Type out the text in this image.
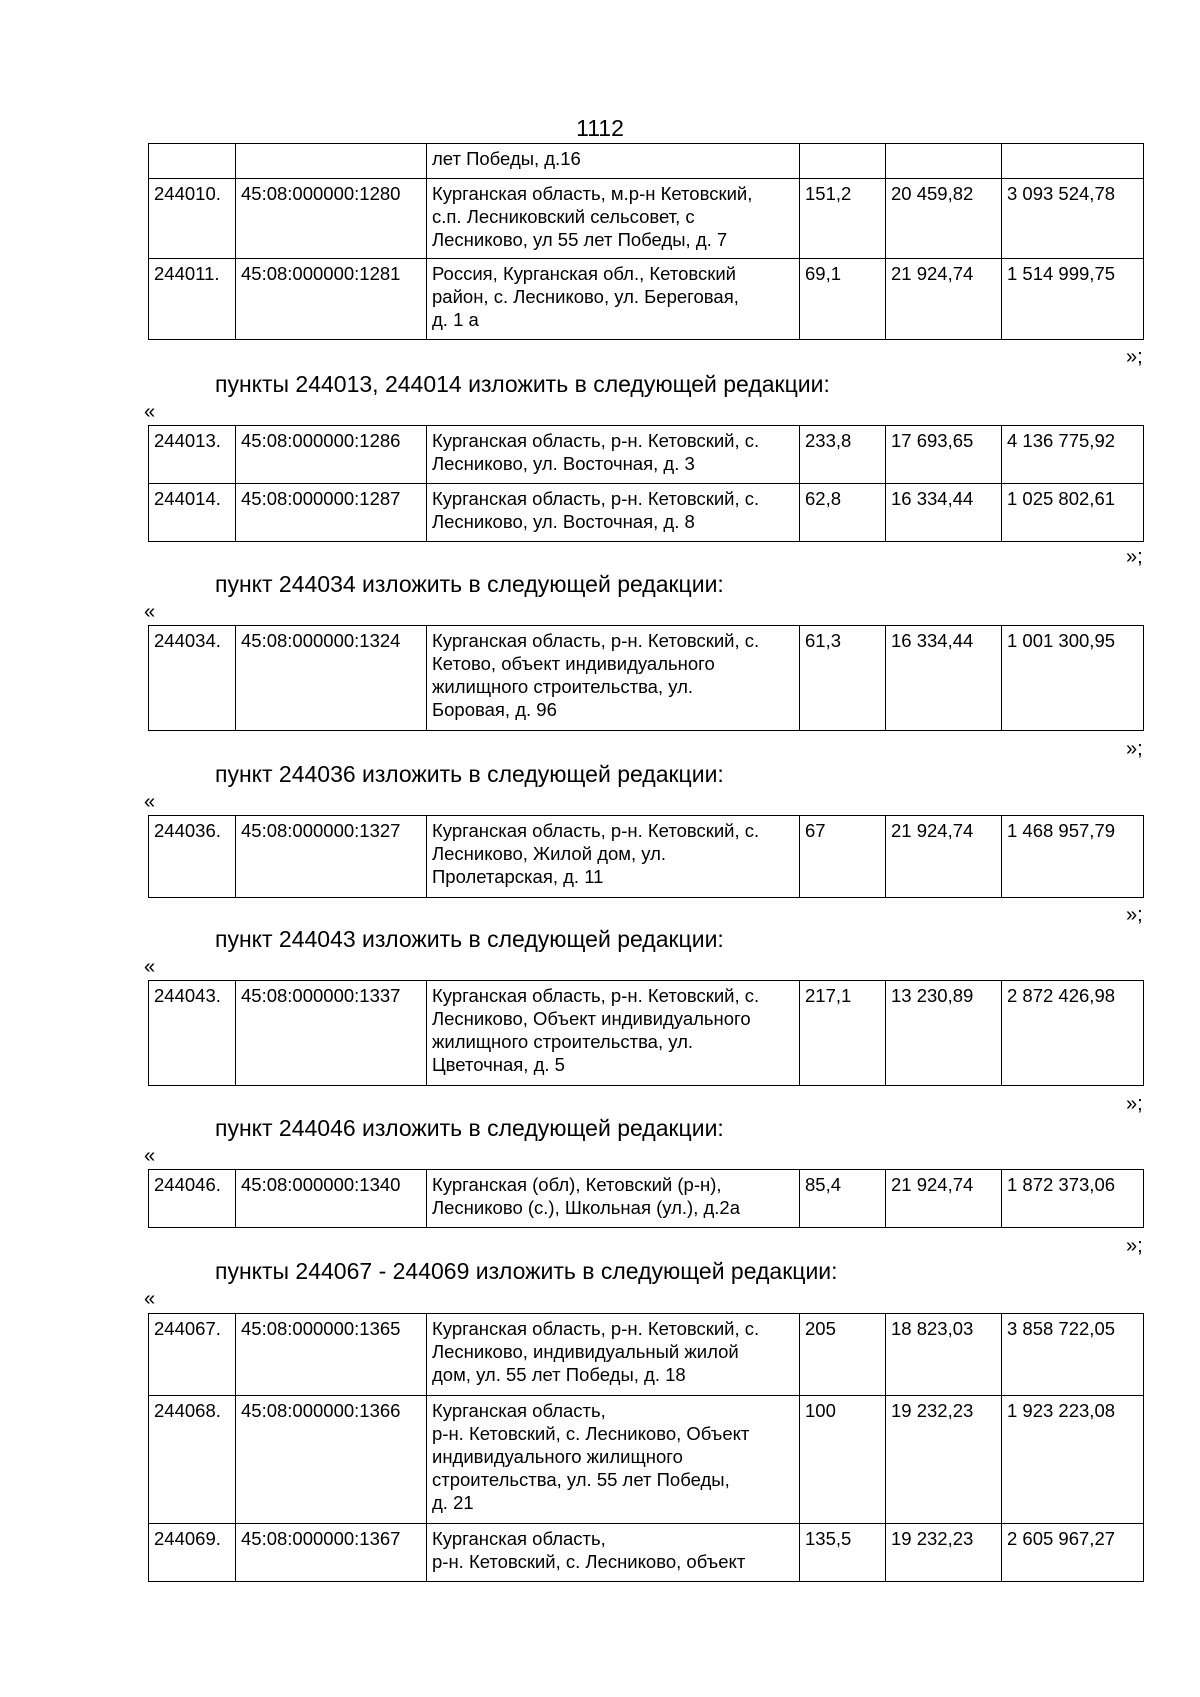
1112
		лет Победы, д.16			
244010.	45:08:000000:1280	Курганская область, м.р-н Кетовский,
с.п. Лесниковский сельсовет, с
Лесниково, ул 55 лет Победы, д. 7	151,2	20 459,82	3 093 524,78
244011.	45:08:000000:1281	Россия, Курганская обл., Кетовский
район, с. Лесниково, ул. Береговая,
д. 1 а	69,1	21 924,74	1 514 999,75
»;
пункты 244013, 244014 изложить в следующей редакции:
«
244013.	45:08:000000:1286	Курганская область, р-н. Кетовский, с.
Лесниково, ул. Восточная, д. 3	233,8	17 693,65	4 136 775,92
244014.	45:08:000000:1287	Курганская область, р-н. Кетовский, с.
Лесниково, ул. Восточная, д. 8	62,8	16 334,44	1 025 802,61
»;
пункт 244034 изложить в следующей редакции:
«
244034.	45:08:000000:1324	Курганская область, р-н. Кетовский, с.
Кетово, объект индивидуального
жилищного строительства, ул.
Боровая, д. 96	61,3	16 334,44	1 001 300,95
»;
пункт 244036 изложить в следующей редакции:
«
244036.	45:08:000000:1327	Курганская область, р-н. Кетовский, с.
Лесниково, Жилой дом, ул.
Пролетарская, д. 11	67	21 924,74	1 468 957,79
»;
пункт 244043 изложить в следующей редакции:
«
244043.	45:08:000000:1337	Курганская область, р-н. Кетовский, с.
Лесниково, Объект индивидуального
жилищного строительства, ул.
Цветочная, д. 5	217,1	13 230,89	2 872 426,98
»;
пункт 244046 изложить в следующей редакции:
«
244046.	45:08:000000:1340	Курганская (обл), Кетовский (р-н),
Лесниково (с.), Школьная (ул.), д.2а	85,4	21 924,74	1 872 373,06
»;
пункты 244067 - 244069 изложить в следующей редакции:
«
244067.	45:08:000000:1365	Курганская область, р-н. Кетовский, с.
Лесниково, индивидуальный жилой
дом, ул. 55 лет Победы, д. 18	205	18 823,03	3 858 722,05
244068.	45:08:000000:1366	Курганская область,
р-н. Кетовский, с. Лесниково, Объект
индивидуального жилищного
строительства, ул. 55 лет Победы,
д. 21	100	19 232,23	1 923 223,08
244069.	45:08:000000:1367	Курганская область,
р-н. Кетовский, с. Лесниково, объект	135,5	19 232,23	2 605 967,27
